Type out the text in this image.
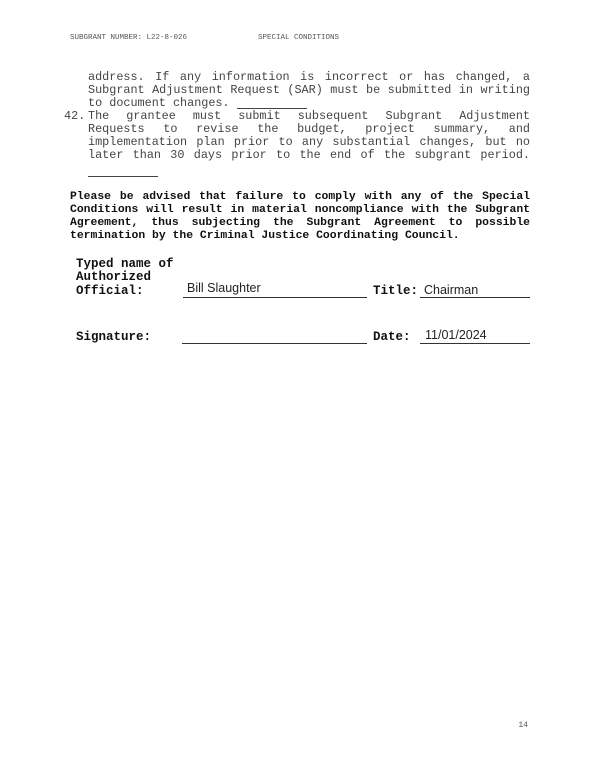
SUBGRANT NUMBER: L22-8-026	SPECIAL CONDITIONS
address. If any information is incorrect or has changed, a
Subgrant Adjustment Request (SAR) must be submitted in writing
to document changes.
42. The grantee must submit subsequent Subgrant Adjustment
Requests to revise the budget, project summary, and
implementation plan prior to any substantial changes, but no
later than 30 days prior to the end of the subgrant period.
Please be advised that failure to comply with any of the Special
Conditions will result in material noncompliance with the Subgrant
Agreement, thus subjecting the Subgrant Agreement to possible
termination by the Criminal Justice Coordinating Council.
Typed name of
Authorized
Official:	Bill Slaughter	Title: Chairman
Signature:	Date: 11/01/2024
14
